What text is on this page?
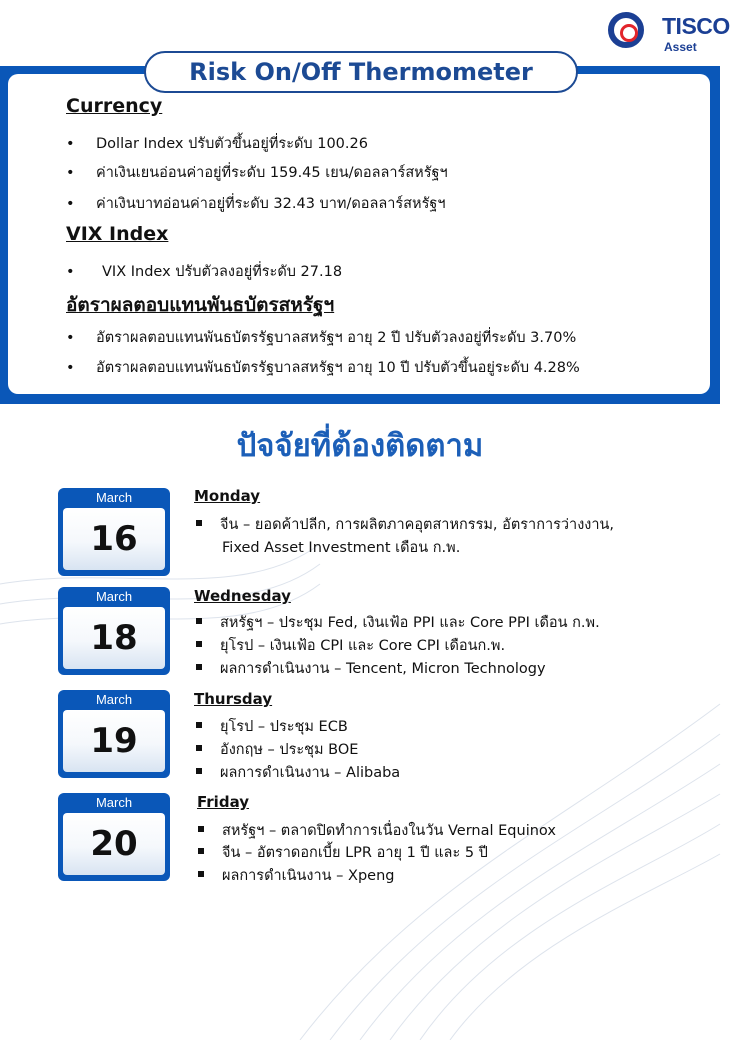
TISCO
Asset
Risk On/Off Thermometer
Currency
• Dollar Index ปรับตัวขึ้นอยู่ที่ระดับ 100.26
• ค่าเงินเยนอ่อนค่าอยู่ที่ระดับ 159.45 เยน/ดอลลาร์สหรัฐฯ
• ค่าเงินบาทอ่อนค่าอยู่ที่ระดับ 32.43 บาท/ดอลลาร์สหรัฐฯ
VIX Index
• VIX Index ปรับตัวลงอยู่ที่ระดับ 27.18
อัตราผลตอบแทนพันธบัตรสหรัฐฯ
• อัตราผลตอบแทนพันธบัตรรัฐบาลสหรัฐฯ อายุ 2 ปี ปรับตัวลงอยู่ที่ระดับ 3.70%
• อัตราผลตอบแทนพันธบัตรรัฐบาลสหรัฐฯ อายุ 10 ปี ปรับตัวขึ้นอยู่ระดับ 4.28%
ปัจจัยที่ต้องติดตาม
March
16
Monday
จีน – ยอดค้าปลีก, การผลิตภาคอุตสาหกรรม, อัตราการว่างงาน,
Fixed Asset Investment เดือน ก.พ.
March
18
Wednesday
สหรัฐฯ – ประชุม Fed, เงินเฟ้อ PPI และ Core PPI เดือน ก.พ.
ยุโรป – เงินเฟ้อ CPI และ Core CPI เดือนก.พ.
ผลการดำเนินงาน – Tencent, Micron Technology
March
19
Thursday
ยุโรป – ประชุม ECB
อังกฤษ – ประชุม BOE
ผลการดำเนินงาน – Alibaba
March
20
Friday
สหรัฐฯ – ตลาดปิดทำการเนื่องในวัน Vernal Equinox
จีน – อัตราดอกเบี้ย LPR อายุ 1 ปี และ 5 ปี
ผลการดำเนินงาน – Xpeng
